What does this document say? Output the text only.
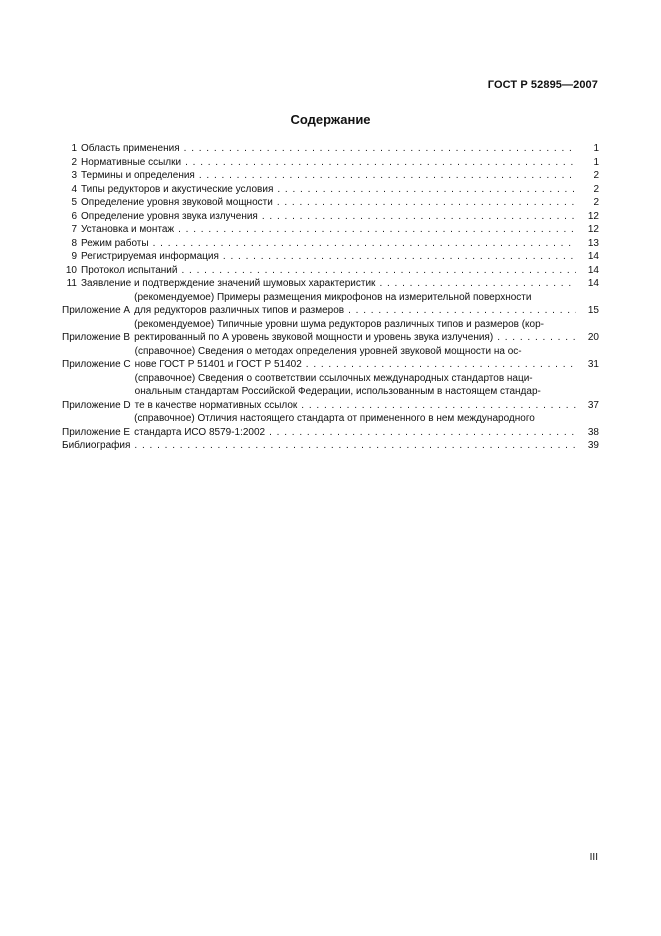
ГОСТ Р 52895—2007
Содержание
1 Область применения . . .	1
2 Нормативные ссылки . . .	1
3 Термины и определения . . .	2
4 Типы редукторов и акустические условия . . .	2
5 Определение уровня звуковой мощности . . .	2
6 Определение уровня звука излучения . . .	12
7 Установка и монтаж . . .	12
8 Режим работы . . .	13
9 Регистрируемая информация . . .	14
10 Протокол испытаний . . .	14
11 Заявление и подтверждение значений шумовых характеристик . . .	14
Приложение А
(рекомендуемое) Примеры размещения микрофонов на измерительной поверхности
для редукторов различных типов и размеров . . .	15
Приложение В
(рекомендуемое) Типичные уровни шума редукторов различных типов и размеров (кор-
ректированный по А уровень звуковой мощности и уровень звука излучения) . . .	20
Приложение С
(справочное) Сведения о методах определения уровней звуковой мощности на ос-
нове ГОСТ Р 51401 и ГОСТ Р 51402 . . .	31
Приложение D
(справочное) Сведения о соответствии ссылочных международных стандартов наци-
ональным стандартам Российской Федерации, использованным в настоящем стандар-
те в качестве нормативных ссылок . . .	37
Приложение Е
(справочное) Отличия настоящего стандарта от примененного в нем международного
стандарта ИСО 8579-1:2002 . . .	38
Библиография . . .	39
III
